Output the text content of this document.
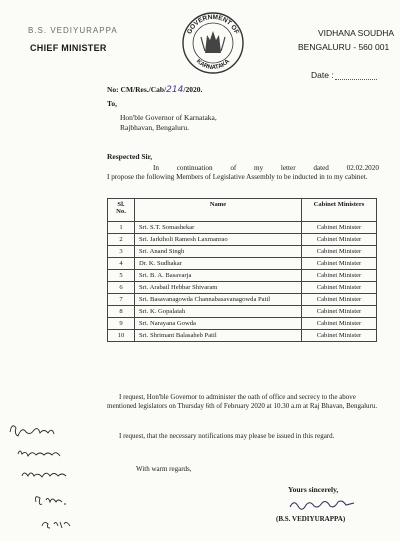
B.S. VEDIYURAPPA
CHIEF MINISTER
GOVERNMENT OF
KARNATAKA
VIDHANA SOUDHA
BENGALURU - 560 001
Date :
No: CM/Res./Cab/214/2020.
To,
Hon'ble Governor of Karnataka,
Rajbhavan, Bengaluru.
Respected Sir,
In continuation of my letter dated 02.02.2020
I propose the following Members of Legislative Assembly to be inducted in to my cabinet.
Sl. No.	Name	Cabinet Ministers
1	Sri. S.T. Somashekar	Cabinet Minister
2	Sri. Jarkiholi Ramesh Laxmanrao	Cabinet Minister
3	Sri. Anand Singh	Cabinet Minister
4	Dr. K. Sudhakar	Cabinet Minister
5	Sri. B. A. Basavarja	Cabinet Minister
6	Sri. Arabail Hebbar Shivaram	Cabinet Minister
7	Sri. Basavanagowda Channabasavanagowda Patil	Cabinet Minister
8	Sri. K. Gopalaiah	Cabinet Minister
9	Sri. Narayana Gowda	Cabinet Minister
10	Sri. Shrimant Balasaheb Patil	Cabinet Minister
I request, Hon'ble Governor to administer the oath of office and secrecy to the above mentioned legislators on Thursday 6th of February 2020 at 10.30 a.m at Raj Bhavan, Bengaluru.
I request, that the necessary notifications may please be issued in this regard.
With warm regards,
Yours sincerely,
(B.S. VEDIYURAPPA)
